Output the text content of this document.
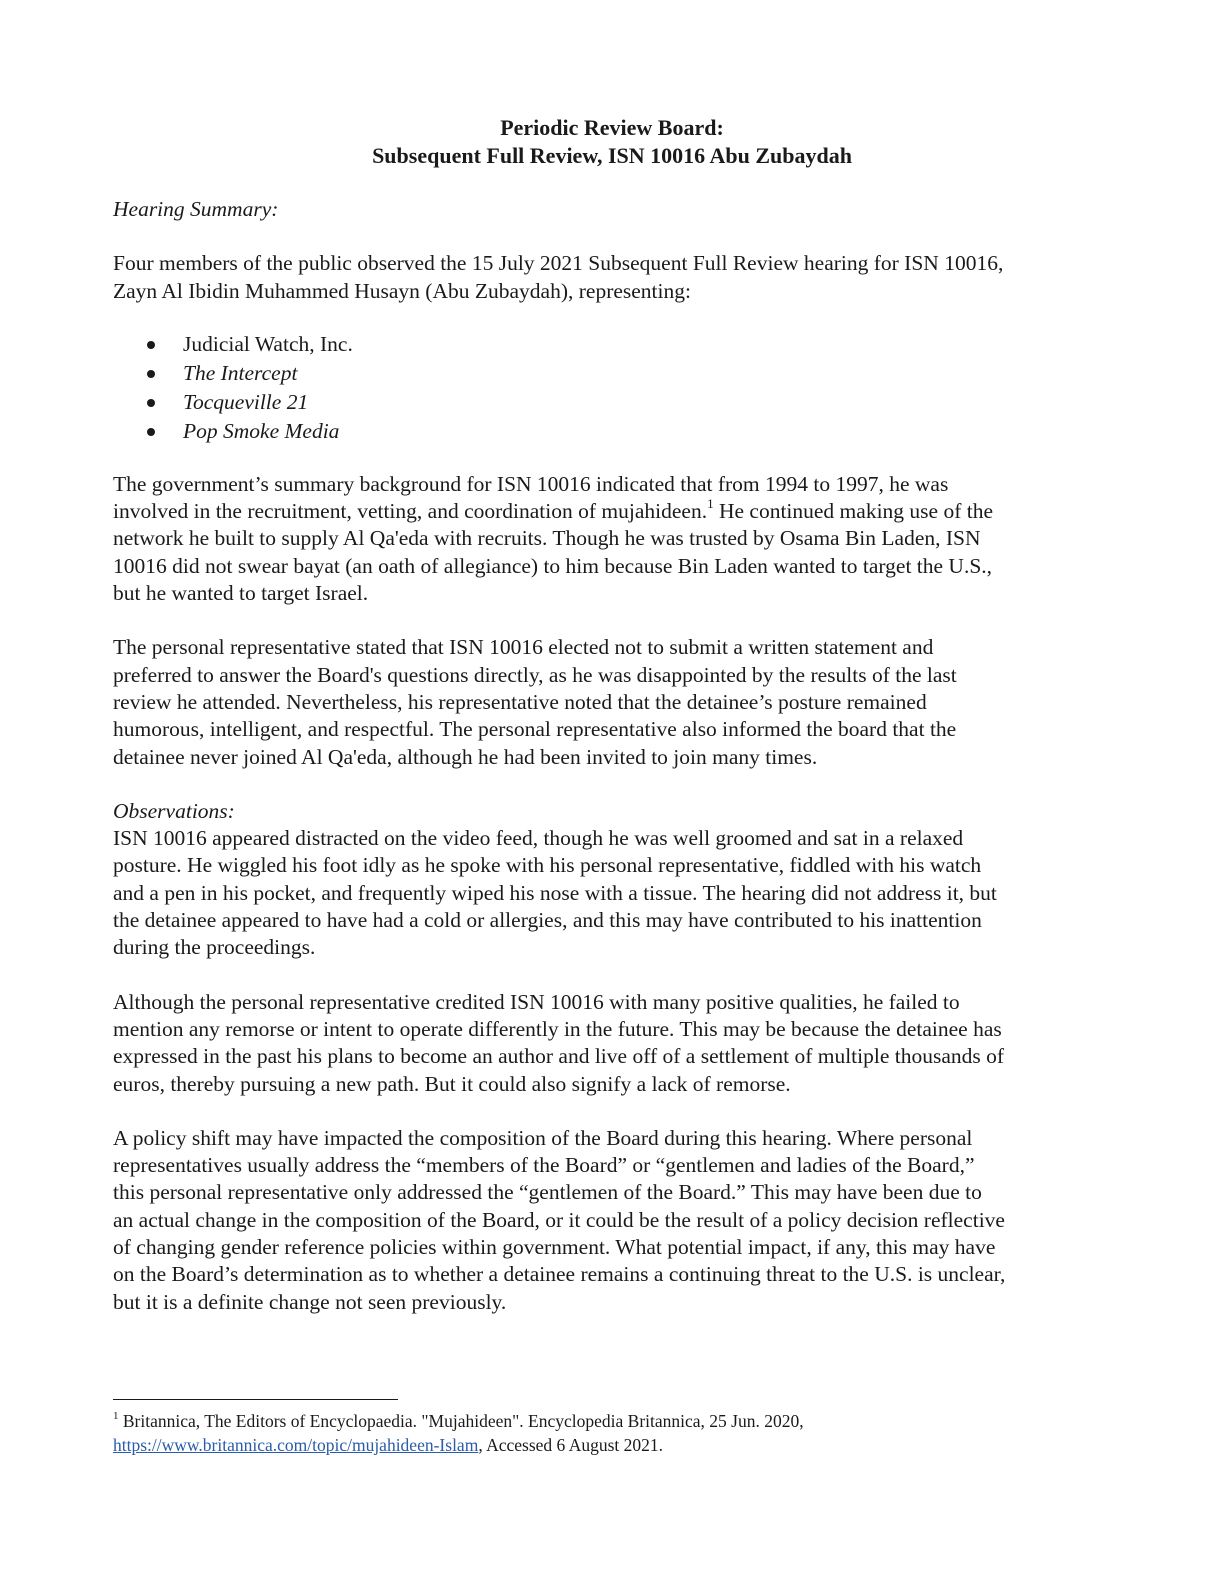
Periodic Review Board:
Subsequent Full Review, ISN 10016 Abu Zubaydah

Hearing Summary:

Four members of the public observed the 15 July 2021 Subsequent Full Review hearing for ISN 10016,
Zayn Al Ibidin Muhammed Husayn (Abu Zubaydah), representing:
Judicial Watch, Inc.
The Intercept
Tocqueville 21
Pop Smoke Media
The government’s summary background for ISN 10016 indicated that from 1994 to 1997, he was
involved in the recruitment, vetting, and coordination of mujahideen.$^1$ He continued making use of the
network he built to supply Al Qa'eda with recruits. Though he was trusted by Osama Bin Laden, ISN
10016 did not swear bayat (an oath of allegiance) to him because Bin Laden wanted to target the U.S.,
but he wanted to target Israel.
The personal representative stated that ISN 10016 elected not to submit a written statement and
preferred to answer the Board's questions directly, as he was disappointed by the results of the last
review he attended. Nevertheless, his representative noted that the detainee’s posture remained
humorous, intelligent, and respectful. The personal representative also informed the board that the
detainee never joined Al Qa'eda, although he had been invited to join many times.

Observations:

ISN 10016 appeared distracted on the video feed, though he was well groomed and sat in a relaxed
posture. He wiggled his foot idly as he spoke with his personal representative, fiddled with his watch
and a pen in his pocket, and frequently wiped his nose with a tissue. The hearing did not address it, but
the detainee appeared to have had a cold or allergies, and this may have contributed to his inattention
during the proceedings.
Although the personal representative credited ISN 10016 with many positive qualities, he failed to
mention any remorse or intent to operate differently in the future. This may be because the detainee has
expressed in the past his plans to become an author and live off of a settlement of multiple thousands of
euros, thereby pursuing a new path. But it could also signify a lack of remorse.
A policy shift may have impacted the composition of the Board during this hearing. Where personal
representatives usually address the “members of the Board” or “gentlemen and ladies of the Board,”
this personal representative only addressed the “gentlemen of the Board.” This may have been due to
an actual change in the composition of the Board, or it could be the result of a policy decision reflective
of changing gender reference policies within government. What potential impact, if any, this may have
on the Board’s determination as to whether a detainee remains a continuing threat to the U.S. is unclear,
but it is a definite change not seen previously.
$^1$ Britannica, The Editors of Encyclopaedia. "Mujahideen". Encyclopedia Britannica, 25 Jun. 2020,
https://www.britannica.com/topic/mujahideen-Islam, Accessed 6 August 2021.
